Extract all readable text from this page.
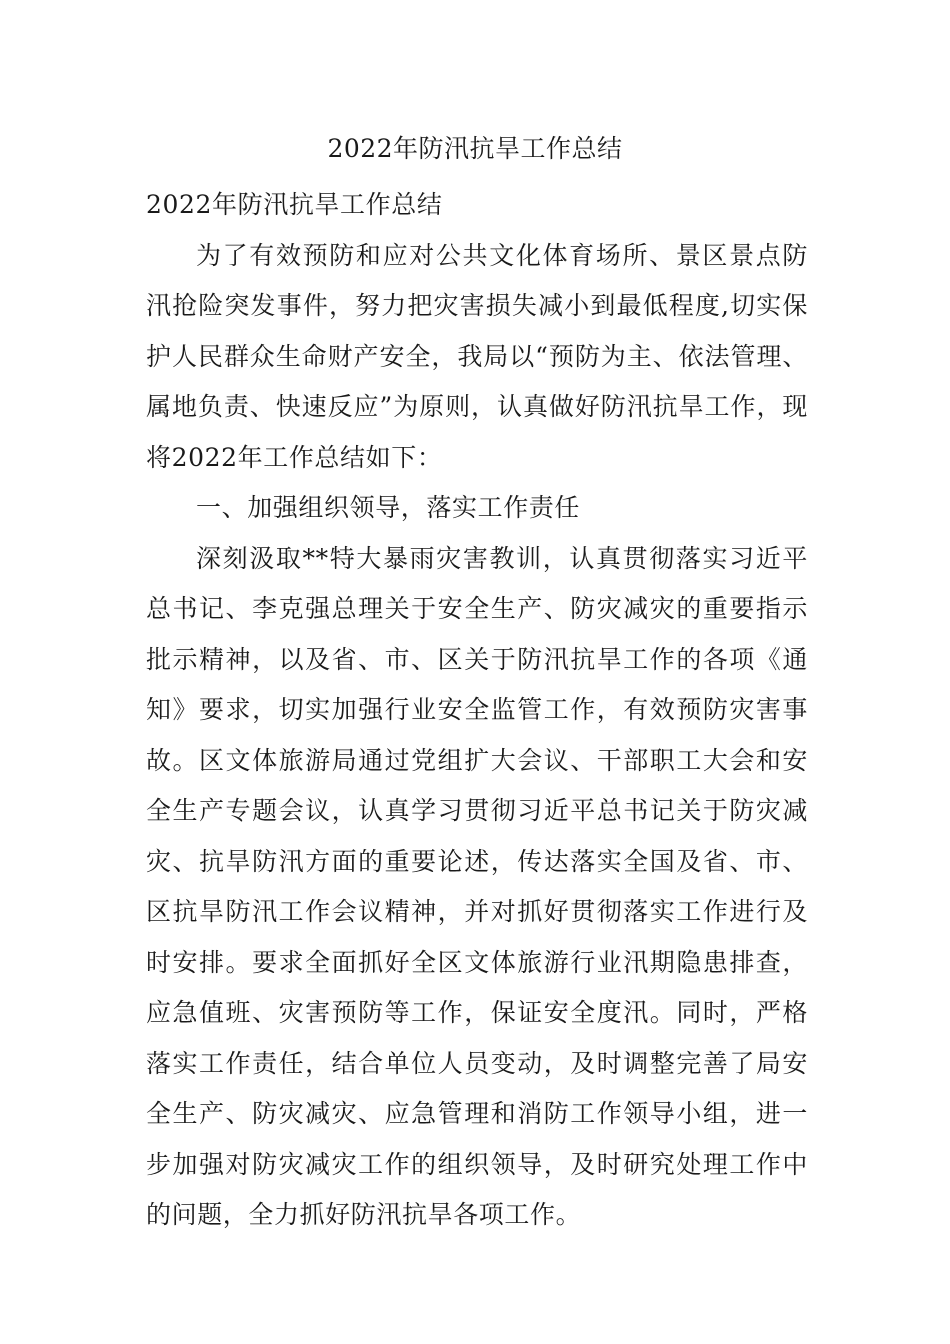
2022年防汛抗旱工作总结

2022年防汛抗旱工作总结

为了有效预防和应对公共文化体育场所、景区景点防汛抢险突发事件，努力把灾害损失减小到最低程度,切实保护人民群众生命财产安全，我局以“预防为主、依法管理、属地负责、快速反应”为原则，认真做好防汛抗旱工作，现将2022年工作总结如下：

一、加强组织领导，落实工作责任

深刻汲取**特大暴雨灾害教训，认真贯彻落实习近平总书记、李克强总理关于安全生产、防灾减灾的重要指示批示精神，以及省、市、区关于防汛抗旱工作的各项《通知》要求，切实加强行业安全监管工作，有效预防灾害事故。区文体旅游局通过党组扩大会议、干部职工大会和安全生产专题会议，认真学习贯彻习近平总书记关于防灾减灾、抗旱防汛方面的重要论述，传达落实全国及省、市、区抗旱防汛工作会议精神，并对抓好贯彻落实工作进行及时安排。要求全面抓好全区文体旅游行业汛期隐患排查，应急值班、灾害预防等工作，保证安全度汛。同时，严格落实工作责任，结合单位人员变动，及时调整完善了局安全生产、防灾减灾、应急管理和消防工作领导小组，进一步加强对防灾减灾工作的组织领导，及时研究处理工作中的问题，全力抓好防汛抗旱各项工作。
